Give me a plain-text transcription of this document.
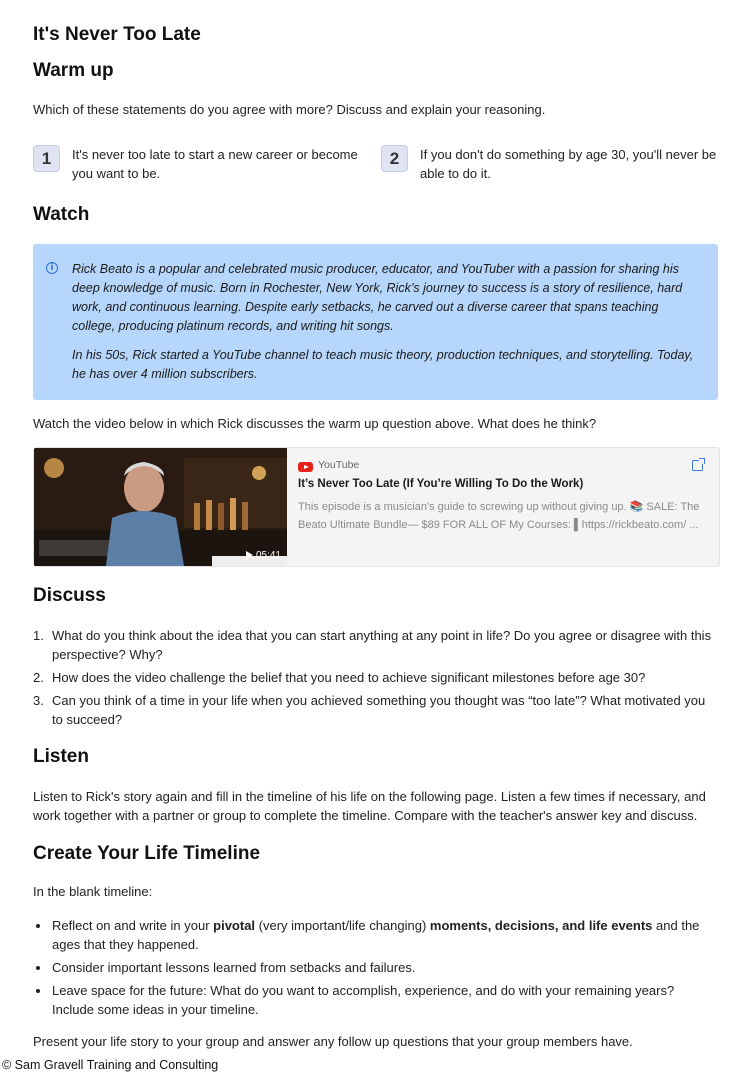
It's Never Too Late
Warm up
Which of these statements do you agree with more? Discuss and explain your reasoning.
1	It's never too late to start a new career or become you want to be.
2	If you don't do something by age 30, you'll never be able to do it.
Watch
i	Rick Beato is a popular and celebrated music producer, educator, and YouTuber with a passion for sharing his deep knowledge of music. Born in Rochester, New York, Rick’s journey to success is a story of resilience, hard work, and continuous learning. Despite early setbacks, he carved out a diverse career that spans teaching college, producing platinum records, and writing hit songs.

In his 50s, Rick started a YouTube channel to teach music theory, production techniques, and storytelling. Today, he has over 4 million subscribers.

Watch the video below in which Rick discusses the warm up question above. What does he think?
05:41
YouTube
It’s Never Too Late (If You’re Willing To Do the Work)
This episode is a musician's guide to screwing up without giving up. 📚 SALE: The Beato Ultimate Bundle— $89 FOR ALL OF My Courses: ▌https://rickbeato.com/ ...
Discuss
1. What do you think about the idea that you can start anything at any point in life? Do you agree or disagree with this perspective? Why?
2. How does the video challenge the belief that you need to achieve significant milestones before age 30?
3. Can you think of a time in your life when you achieved something you thought was “too late”? What motivated you to succeed?
Listen
Listen to Rick's story again and fill in the timeline of his life on the following page. Listen a few times if necessary, and work together with a partner or group to complete the timeline. Compare with the teacher's answer key and discuss.
Create Your Life Timeline
In the blank timeline:
Reflect on and write in your pivotal (very important/life changing) moments, decisions, and life events and the ages that they happened.
Consider important lessons learned from setbacks and failures.
Leave space for the future: What do you want to accomplish, experience, and do with your remaining years? Include some ideas in your timeline.
Present your life story to your group and answer any follow up questions that your group members have.
© Sam Gravell Training and Consulting
